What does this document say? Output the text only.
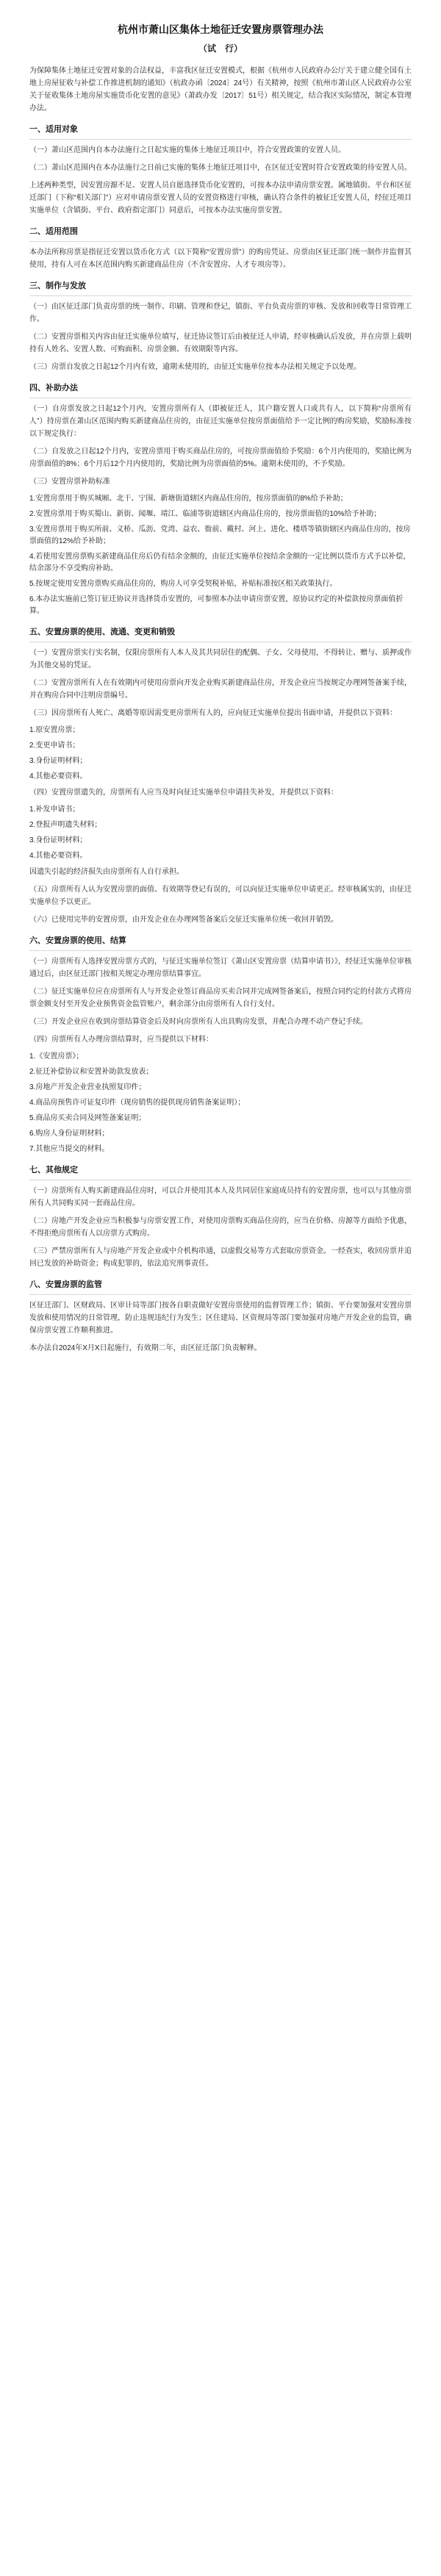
杭州市萧山区集体土地征迁安置房票管理办法
（试　行）

为保障集体土地征迁安置对象的合法权益，丰富我区征迁安置模式，根据《杭州市人民政府办公厅关于建立健全国有土地上房屋征收与补偿工作推进机制的通知》（杭政办函〔2024〕24号）有关精神，按照《杭州市萧山区人民政府办公室关于征收集体土地房屋实施货币化安置的意见》（萧政办发〔2017〕51号）相关规定，结合我区实际情况，制定本管理办法。

一、适用对象

（一）萧山区范围内自本办法施行之日起实施的集体土地征迁项目中，符合安置政策的安置人员。

（二）萧山区范围内在本办法施行之日前已实施的集体土地征迁项目中，在区征迁安置时符合安置政策的待安置人员。

上述两种类型，因安置房源不足、安置人员自愿选择货币化安置的，可按本办法申请房票安置。属地镇街、平台和区征迁部门（下称“相关部门”）应对申请房票安置人员的安置资格进行审核，确认符合条件的被征迁安置人员，经征迁项目实施单位（含镇街、平台、政府指定部门）同意后，可按本办法实施房票安置。

二、适用范围

本办法所称房票是指征迁安置以货币化方式（以下简称“安置房票”）的购房凭证。房票由区征迁部门统一制作并监督其使用，持有人可在本区范围内购买新建商品住房（不含安置房、人才专项房等）。

三、制作与发放

（一）由区征迁部门负责房票的统一制作、印刷、管理和登记，镇街、平台负责房票的审核、发放和回收等日常管理工作。

（二）安置房票相关内容由征迁实施单位填写，征迁协议签订后由被征迁人申请，经审核确认后发放，并在房票上载明持有人姓名、安置人数、可购面积、房票金额、有效期限等内容。

（三）房票自发放之日起12个月内有效，逾期未使用的，由征迁实施单位按本办法相关规定予以处理。

四、补助办法

（一）自房票发放之日起12个月内，安置房票所有人（即被征迁人，其户籍安置人口或共有人，以下简称“房票所有人”）持房票在萧山区范围内购买新建商品住房的，由征迁实施单位按房票面值给予一定比例的购房奖励，奖励标准按以下规定执行：

（二）自发放之日起12个月内，安置房票用于购买商品住房的，可按房票面值给予奖励：6个月内使用的，奖励比例为房票面值的8%；6个月后12个月内使用的，奖励比例为房票面值的5%。逾期未使用的，不予奖励。

（三）安置房票补助标准

1.安置房票用于购买城厢、北干、宁围、新塘街道辖区内商品住房的，按房票面值的8%给予补助；

2.安置房票用于购买蜀山、新街、闻堰、靖江、临浦等街道辖区内商品住房的，按房票面值的10%给予补助；

3.安置房票用于购买所前、义桥、瓜沥、党湾、益农、衙前、戴村、河上、进化、楼塔等镇街辖区内商品住房的，按房票面值的12%给予补助；

4.若使用安置房票购买新建商品住房后仍有结余金额的，由征迁实施单位按结余金额的一定比例以货币方式予以补偿，结余部分不享受购房补助。

5.按规定使用安置房票购买商品住房的，购房人可享受契税补贴，补贴标准按区相关政策执行。

6.本办法实施前已签订征迁协议并选择货币安置的，可参照本办法申请房票安置，原协议约定的补偿款按房票面值折算。

五、安置房票的使用、流通、变更和销毁

（一）安置房票实行实名制，仅限房票所有人本人及其共同居住的配偶、子女、父母使用，不得转让、赠与、质押或作为其他交易的凭证。

（二）安置房票所有人在有效期内可使用房票向开发企业购买新建商品住房，开发企业应当按规定办理网签备案手续，并在购房合同中注明房票编号。

（三）因房票所有人死亡、离婚等原因需变更房票所有人的，应向征迁实施单位提出书面申请，并提供以下资料：

1.原安置房票；

2.变更申请书；

3.身份证明材料；

4.其他必要资料。

（四）安置房票遗失的，房票所有人应当及时向征迁实施单位申请挂失补发，并提供以下资料：

1.补发申请书；

2.登报声明遗失材料；

3.身份证明材料；

4.其他必要资料。

因遗失引起的经济损失由房票所有人自行承担。

（五）房票所有人认为安置房票的面值、有效期等登记有误的，可以向征迁实施单位申请更正。经审核属实的，由征迁实施单位予以更正。

（六）已使用完毕的安置房票，由开发企业在办理网签备案后交征迁实施单位统一收回并销毁。

六、安置房票的使用、结算

（一）房票所有人选择安置房票方式的，与征迁实施单位签订《萧山区安置房票（结算申请书）》，经征迁实施单位审核通过后，由区征迁部门按相关规定办理房票结算事宜。

（二）征迁实施单位应在房票所有人与开发企业签订商品房买卖合同并完成网签备案后，按照合同约定的付款方式将房票金额支付至开发企业预售资金监管账户，剩余部分由房票所有人自行支付。

（三）开发企业应在收到房票结算资金后及时向房票所有人出具购房发票，并配合办理不动产登记手续。

（四）房票所有人办理房票结算时，应当提供以下材料：

1.《安置房票》；

2.征迁补偿协议和安置补助款发放表；

3.房地产开发企业营业执照复印件；

4.商品房预售许可证复印件（现房销售的提供现房销售备案证明）；

5.商品房买卖合同及网签备案证明；

6.购房人身份证明材料；

7.其他应当提交的材料。

七、其他规定

（一）房票所有人购买新建商品住房时，可以合并使用其本人及共同居住家庭成员持有的安置房票，也可以与其他房票所有人共同购买同一套商品住房。

（二）房地产开发企业应当积极参与房票安置工作，对使用房票购买商品住房的，应当在价格、房源等方面给予优惠，不得拒绝房票所有人以房票方式购房。

（三）严禁房票所有人与房地产开发企业或中介机构串通，以虚假交易等方式套取房票资金。一经查实，收回房票并追回已发放的补助资金；构成犯罪的，依法追究刑事责任。

八、安置房票的监管

区征迁部门、区财政局、区审计局等部门按各自职责做好安置房票使用的监督管理工作；镇街、平台要加强对安置房票发放和使用情况的日常管理，防止违规违纪行为发生；区住建局、区资规局等部门要加强对房地产开发企业的监管，确保房票安置工作顺利推进。

本办法自2024年X月X日起施行，有效期二年，由区征迁部门负责解释。
